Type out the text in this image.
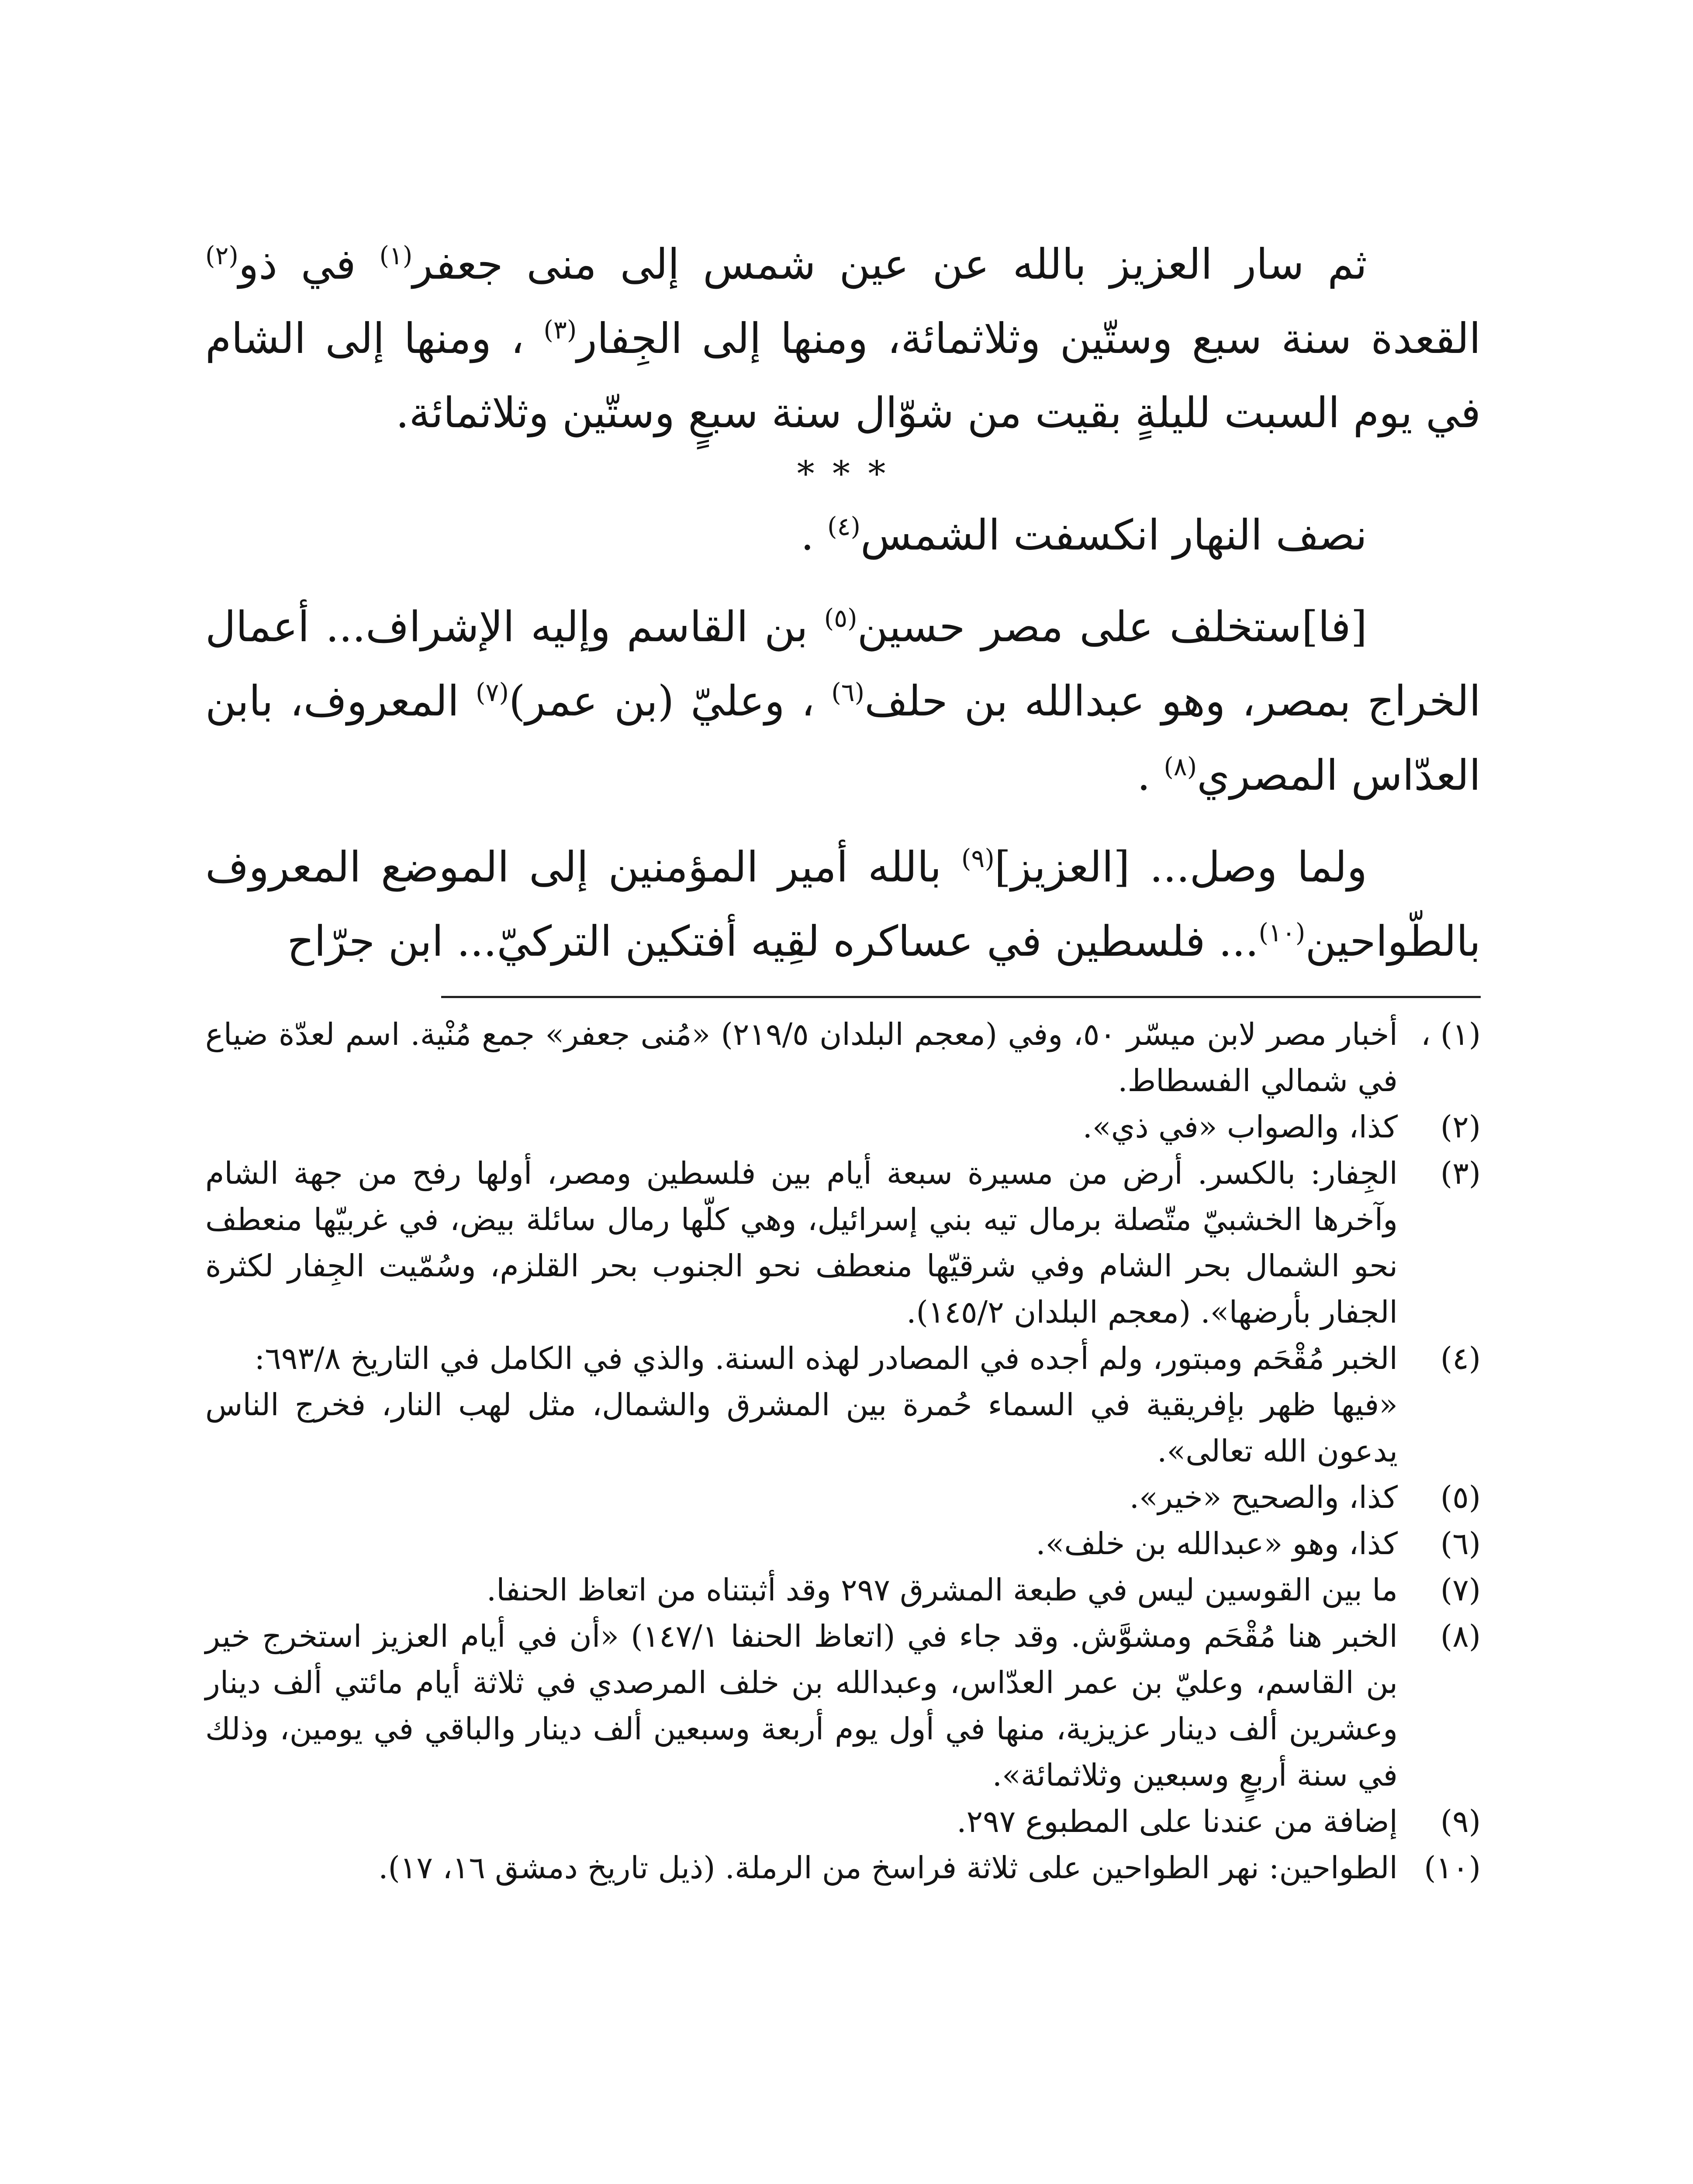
ثم سار العزيز بالله عن عين شمس إلى منى جعفر$^{(١)}$ في ذو$^{(٢)}$ القعدة سنة سبع وستّين وثلاثمائة، ومنها إلى الجِفار$^{(٣)}$ ، ومنها إلى الشام في يوم السبت لليلةٍ بقيت من شوّال سنة سبعٍ وستّين وثلاثمائة.

* * *

نصف النهار انكسفت الشمس$^{(٤)}$ .

[فا]ستخلف على مصر حسين$^{(٥)}$ بن القاسم وإليه الإشراف... أعمال الخراج بمصر، وهو عبدالله بن حلف$^{(٦)}$ ، وعليّ (بن عمر)$^{(٧)}$ المعروف، بابن العدّاس المصري$^{(٨)}$ .

ولما وصل... [العزيز]$^{(٩)}$ بالله أمير المؤمنين إلى الموضع المعروف بالطّواحين$^{(١٠)}$... فلسطين في عساكره لقِيه أفتكين التركيّ... ابن جرّاح

(١) ،

أخبار مصر لابن ميسّر ٥٠، وفي (معجم البلدان ٢١٩/٥) «مُنى جعفر» جمع مُنْية. اسم لعدّة ضياع في شمالي الفسطاط.

(٢)

كذا، والصواب «في ذي».

(٣)

الجِفار: بالكسر. أرض من مسيرة سبعة أيام بين فلسطين ومصر، أولها رفح من جهة الشام وآخرها الخشبيّ متّصلة برمال تيه بني إسرائيل، وهي كلّها رمال سائلة بيض، في غربيّها منعطف نحو الشمال بحر الشام وفي شرقيّها منعطف نحو الجنوب بحر القلزم، وسُمّيت الجِفار لكثرة الجفار بأرضها». (معجم البلدان ١٤٥/٢).

(٤)

الخبر مُقْحَم ومبتور، ولم أجده في المصادر لهذه السنة. والذي في الكامل في التاريخ ٦٩٣/٨:

«فيها ظهر بإفريقية في السماء حُمرة بين المشرق والشمال، مثل لهب النار، فخرج الناس يدعون الله تعالى».

(٥)

كذا، والصحيح «خير».

(٦)

كذا، وهو «عبدالله بن خلف».

(٧)

ما بين القوسين ليس في طبعة المشرق ٢٩٧ وقد أثبتناه من اتعاظ الحنفا.

(٨)

الخبر هنا مُقْحَم ومشوَّش. وقد جاء في (اتعاظ الحنفا ١٤٧/١) «أن في أيام العزيز استخرج خير بن القاسم، وعليّ بن عمر العدّاس، وعبدالله بن خلف المرصدي في ثلاثة أيام مائتي ألف دينار وعشرين ألف دينار عزيزية، منها في أول يوم أربعة وسبعين ألف دينار والباقي في يومين، وذلك في سنة أربعٍ وسبعين وثلاثمائة».

(٩)

إضافة من عندنا على المطبوع ٢٩٧.

(١٠)

الطواحين: نهر الطواحين على ثلاثة فراسخ من الرملة. (ذيل تاريخ دمشق ١٦، ١٧).
